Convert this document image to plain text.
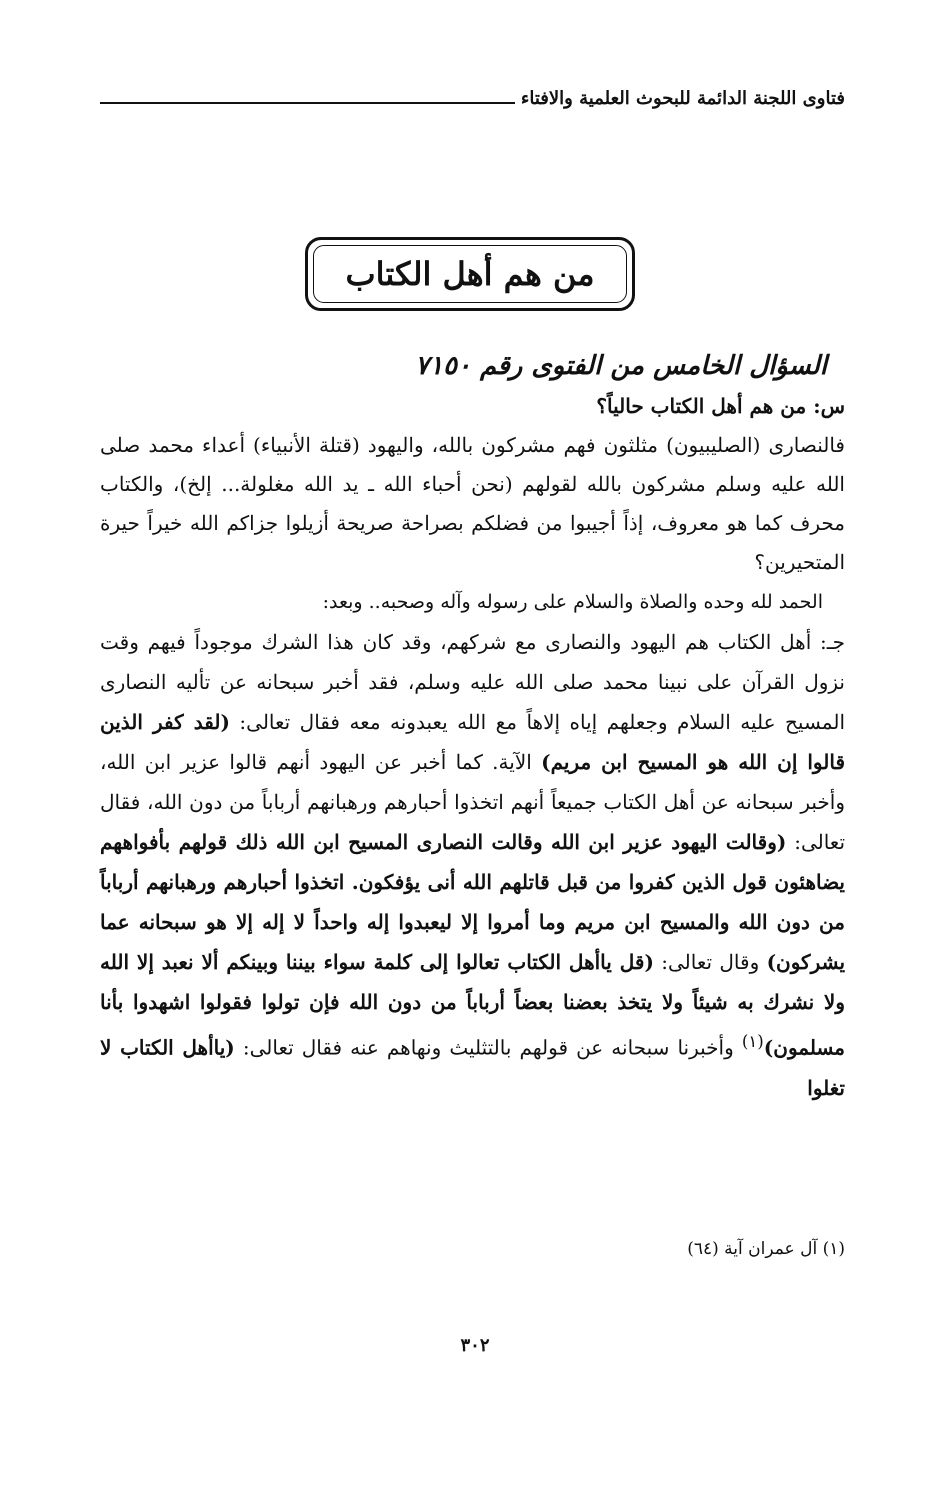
فتاوى اللجنة الدائمة للبحوث العلمية والافتاء
من هم أهل الكتاب

السؤال الخامس من الفتوى رقم ٧١٥٠

س: من هم أهل الكتاب حالياً؟

فالنصارى (الصليبيون) مثلثون فهم مشركون بالله، واليهود (قتلة الأنبياء) أعداء محمد صلى الله عليه وسلم مشركون بالله لقولهم (نحن أحباء الله ـ يد الله مغلولة... إلخ)، والكتاب محرف كما هو معروف، إذاً أجيبوا من فضلكم بصراحة صريحة أزيلوا جزاكم الله خيراً حيرة المتحيرين؟

الحمد لله وحده والصلاة والسلام على رسوله وآله وصحبه.. وبعد:

جـ: أهل الكتاب هم اليهود والنصارى مع شركهم، وقد كان هذا الشرك موجوداً فيهم وقت نزول القرآن على نبينا محمد صلى الله عليه وسلم، فقد أخبر سبحانه عن تأليه النصارى المسيح عليه السلام وجعلهم إياه إلاهاً مع الله يعبدونه معه فقال تعالى: (لقد كفر الذين قالوا إن الله هو المسيح ابن مريم) الآية. كما أخبر عن اليهود أنهم قالوا عزير ابن الله، وأخبر سبحانه عن أهل الكتاب جميعاً أنهم اتخذوا أحبارهم ورهبانهم أرباباً من دون الله، فقال تعالى: (وقالت اليهود عزير ابن الله وقالت النصارى المسيح ابن الله ذلك قولهم بأفواههم يضاهئون قول الذين كفروا من قبل قاتلهم الله أنى يؤفكون. اتخذوا أحبارهم ورهبانهم أرباباً من دون الله والمسيح ابن مريم وما أمروا إلا ليعبدوا إله واحداً لا إله إلا هو سبحانه عما يشركون) وقال تعالى: (قل ياأهل الكتاب تعالوا إلى كلمة سواء بيننا وبينكم ألا نعبد إلا الله ولا نشرك به شيئاً ولا يتخذ بعضنا بعضاً أرباباً من دون الله فإن تولوا فقولوا اشهدوا بأنا مسلمون)$^{(١)}$ وأخبرنا سبحانه عن قولهم بالتثليث ونهاهم عنه فقال تعالى: (ياأهل الكتاب لا تغلوا

(١) آل عمران آية (٦٤)
٣٠٢
